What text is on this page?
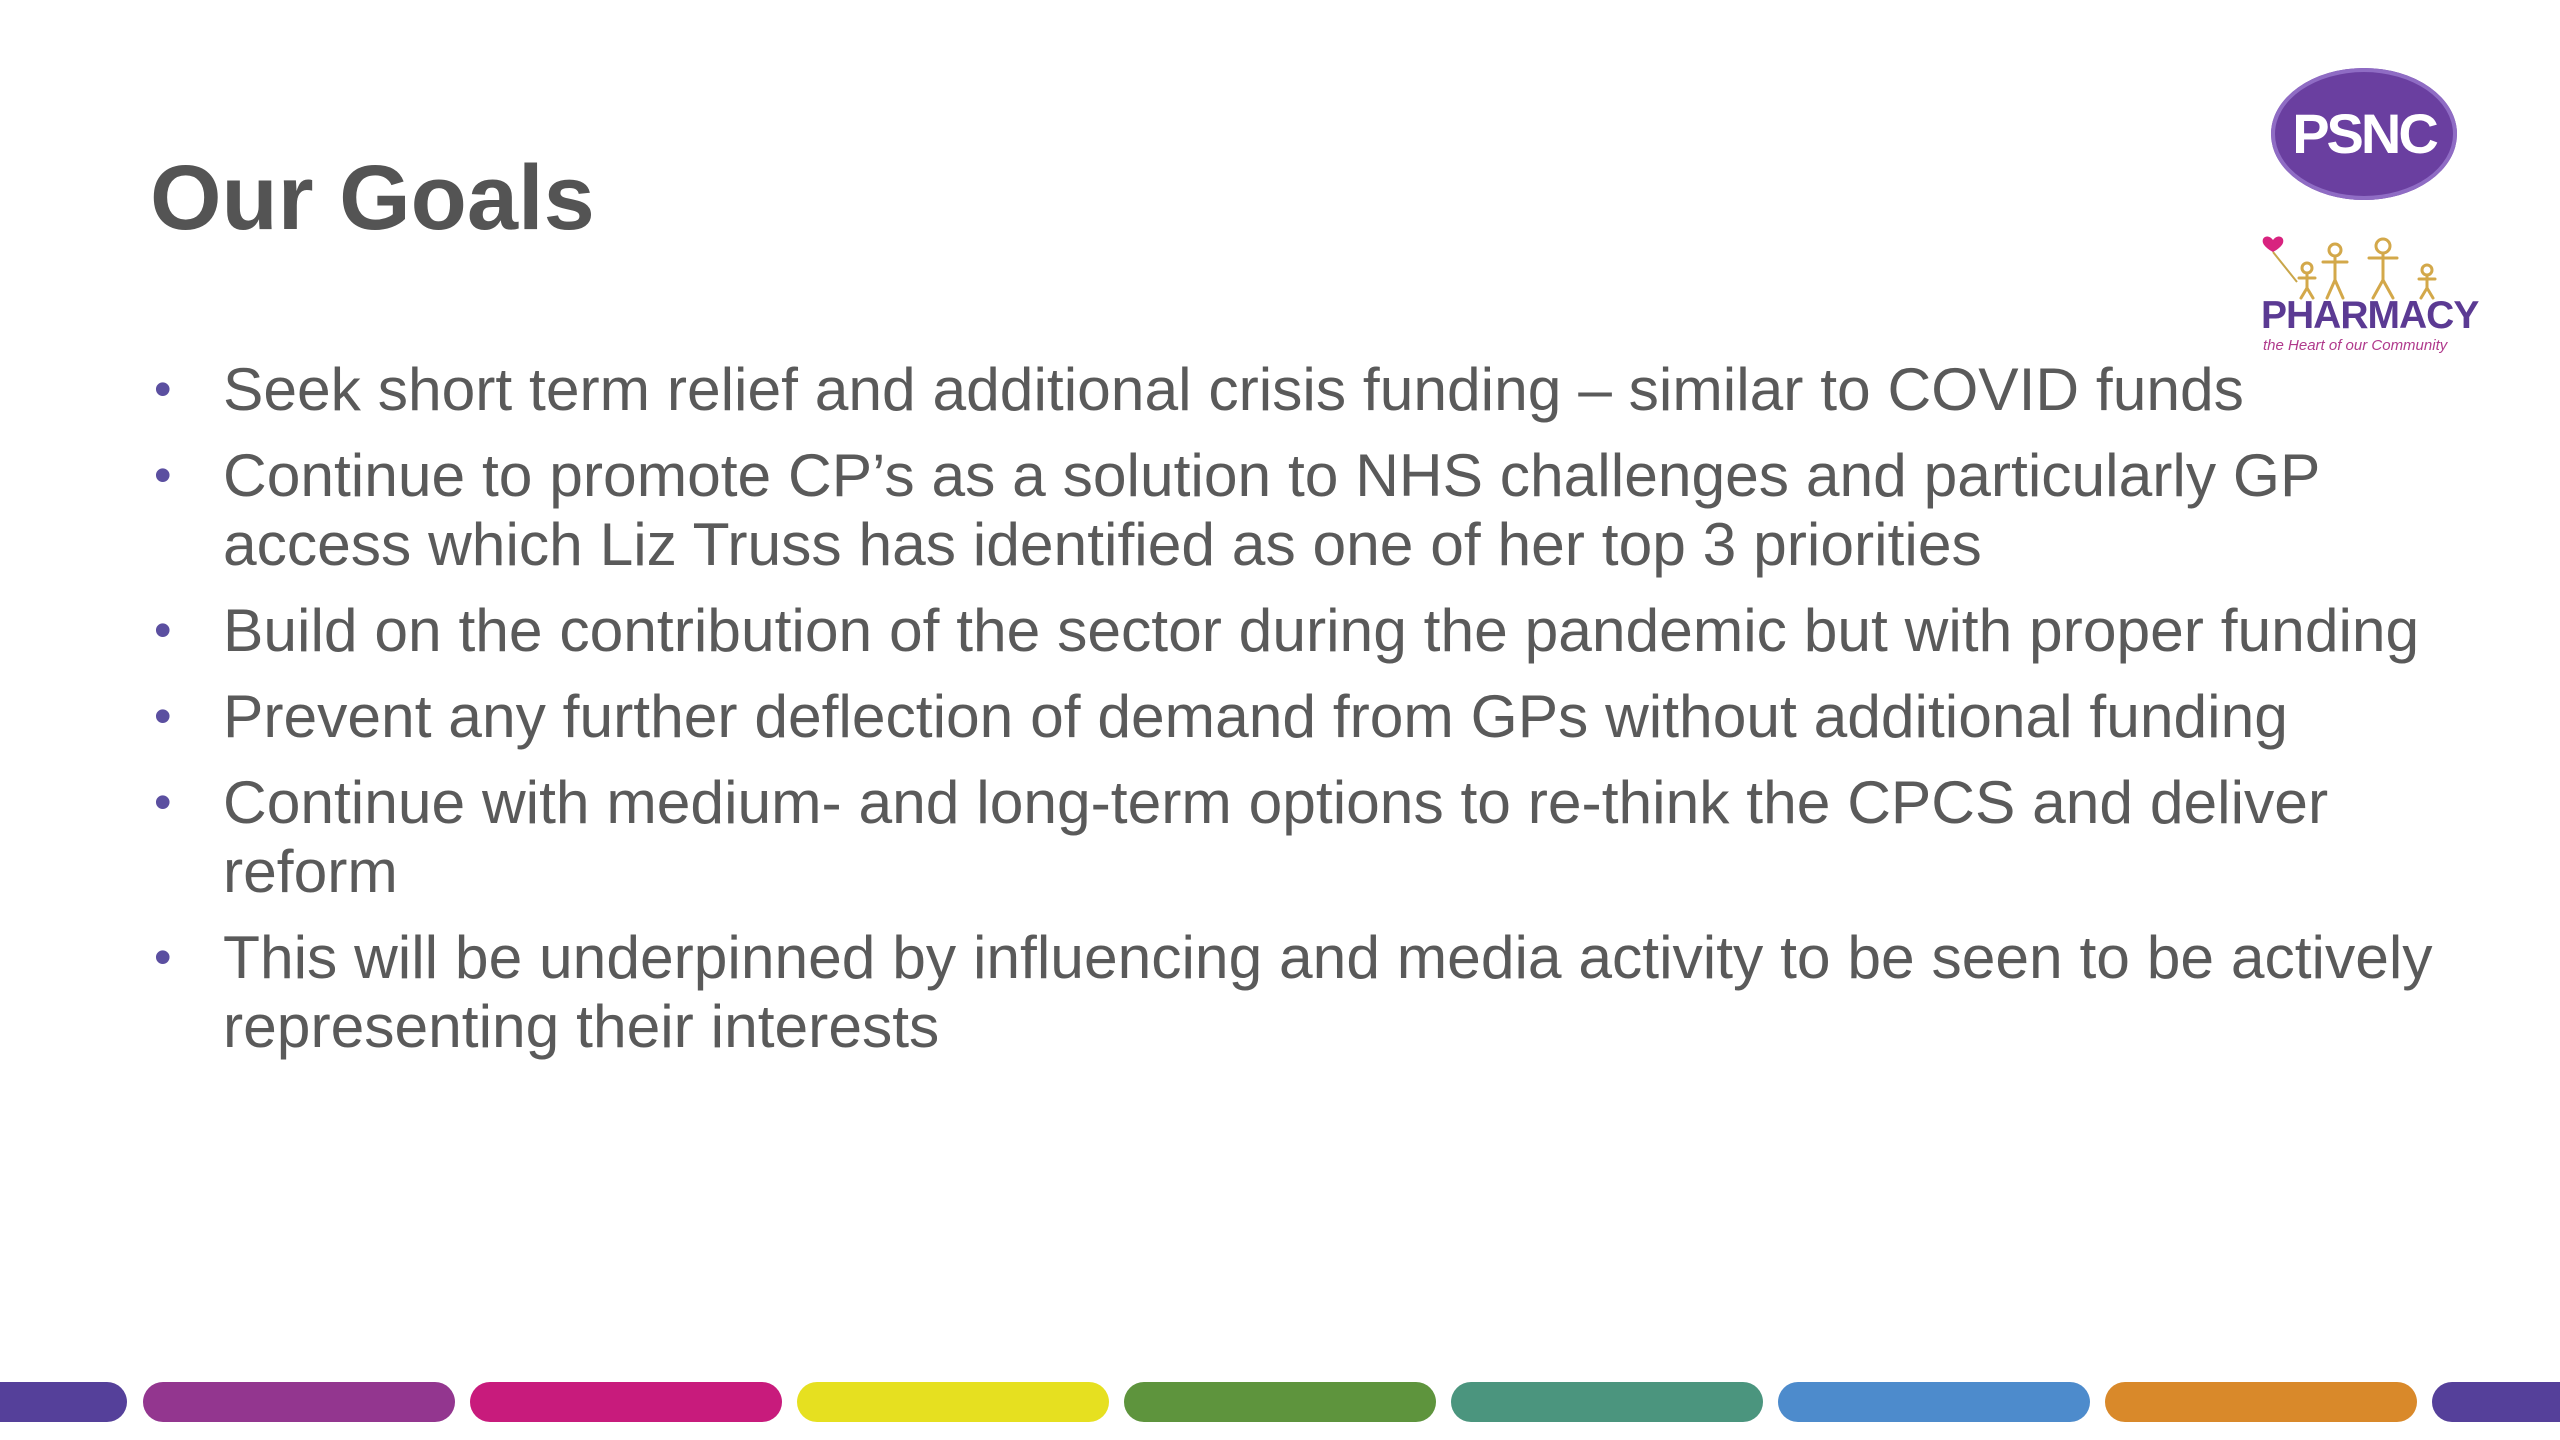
Our Goals
• Seek short term relief and additional crisis funding – similar to COVID funds
• Continue to promote CP’s as a solution to NHS challenges and particularly GP access which Liz Truss has identified as one of her top 3 priorities
• Build on the contribution of the sector during the pandemic but with proper funding
• Prevent any further deflection of demand from GPs without additional funding
• Continue with medium- and long-term options to re-think the CPCS and deliver reform
• This will be underpinned by influencing and media activity to be seen to be actively representing their interests
PSNC
PHARMACY
the Heart of our Community
